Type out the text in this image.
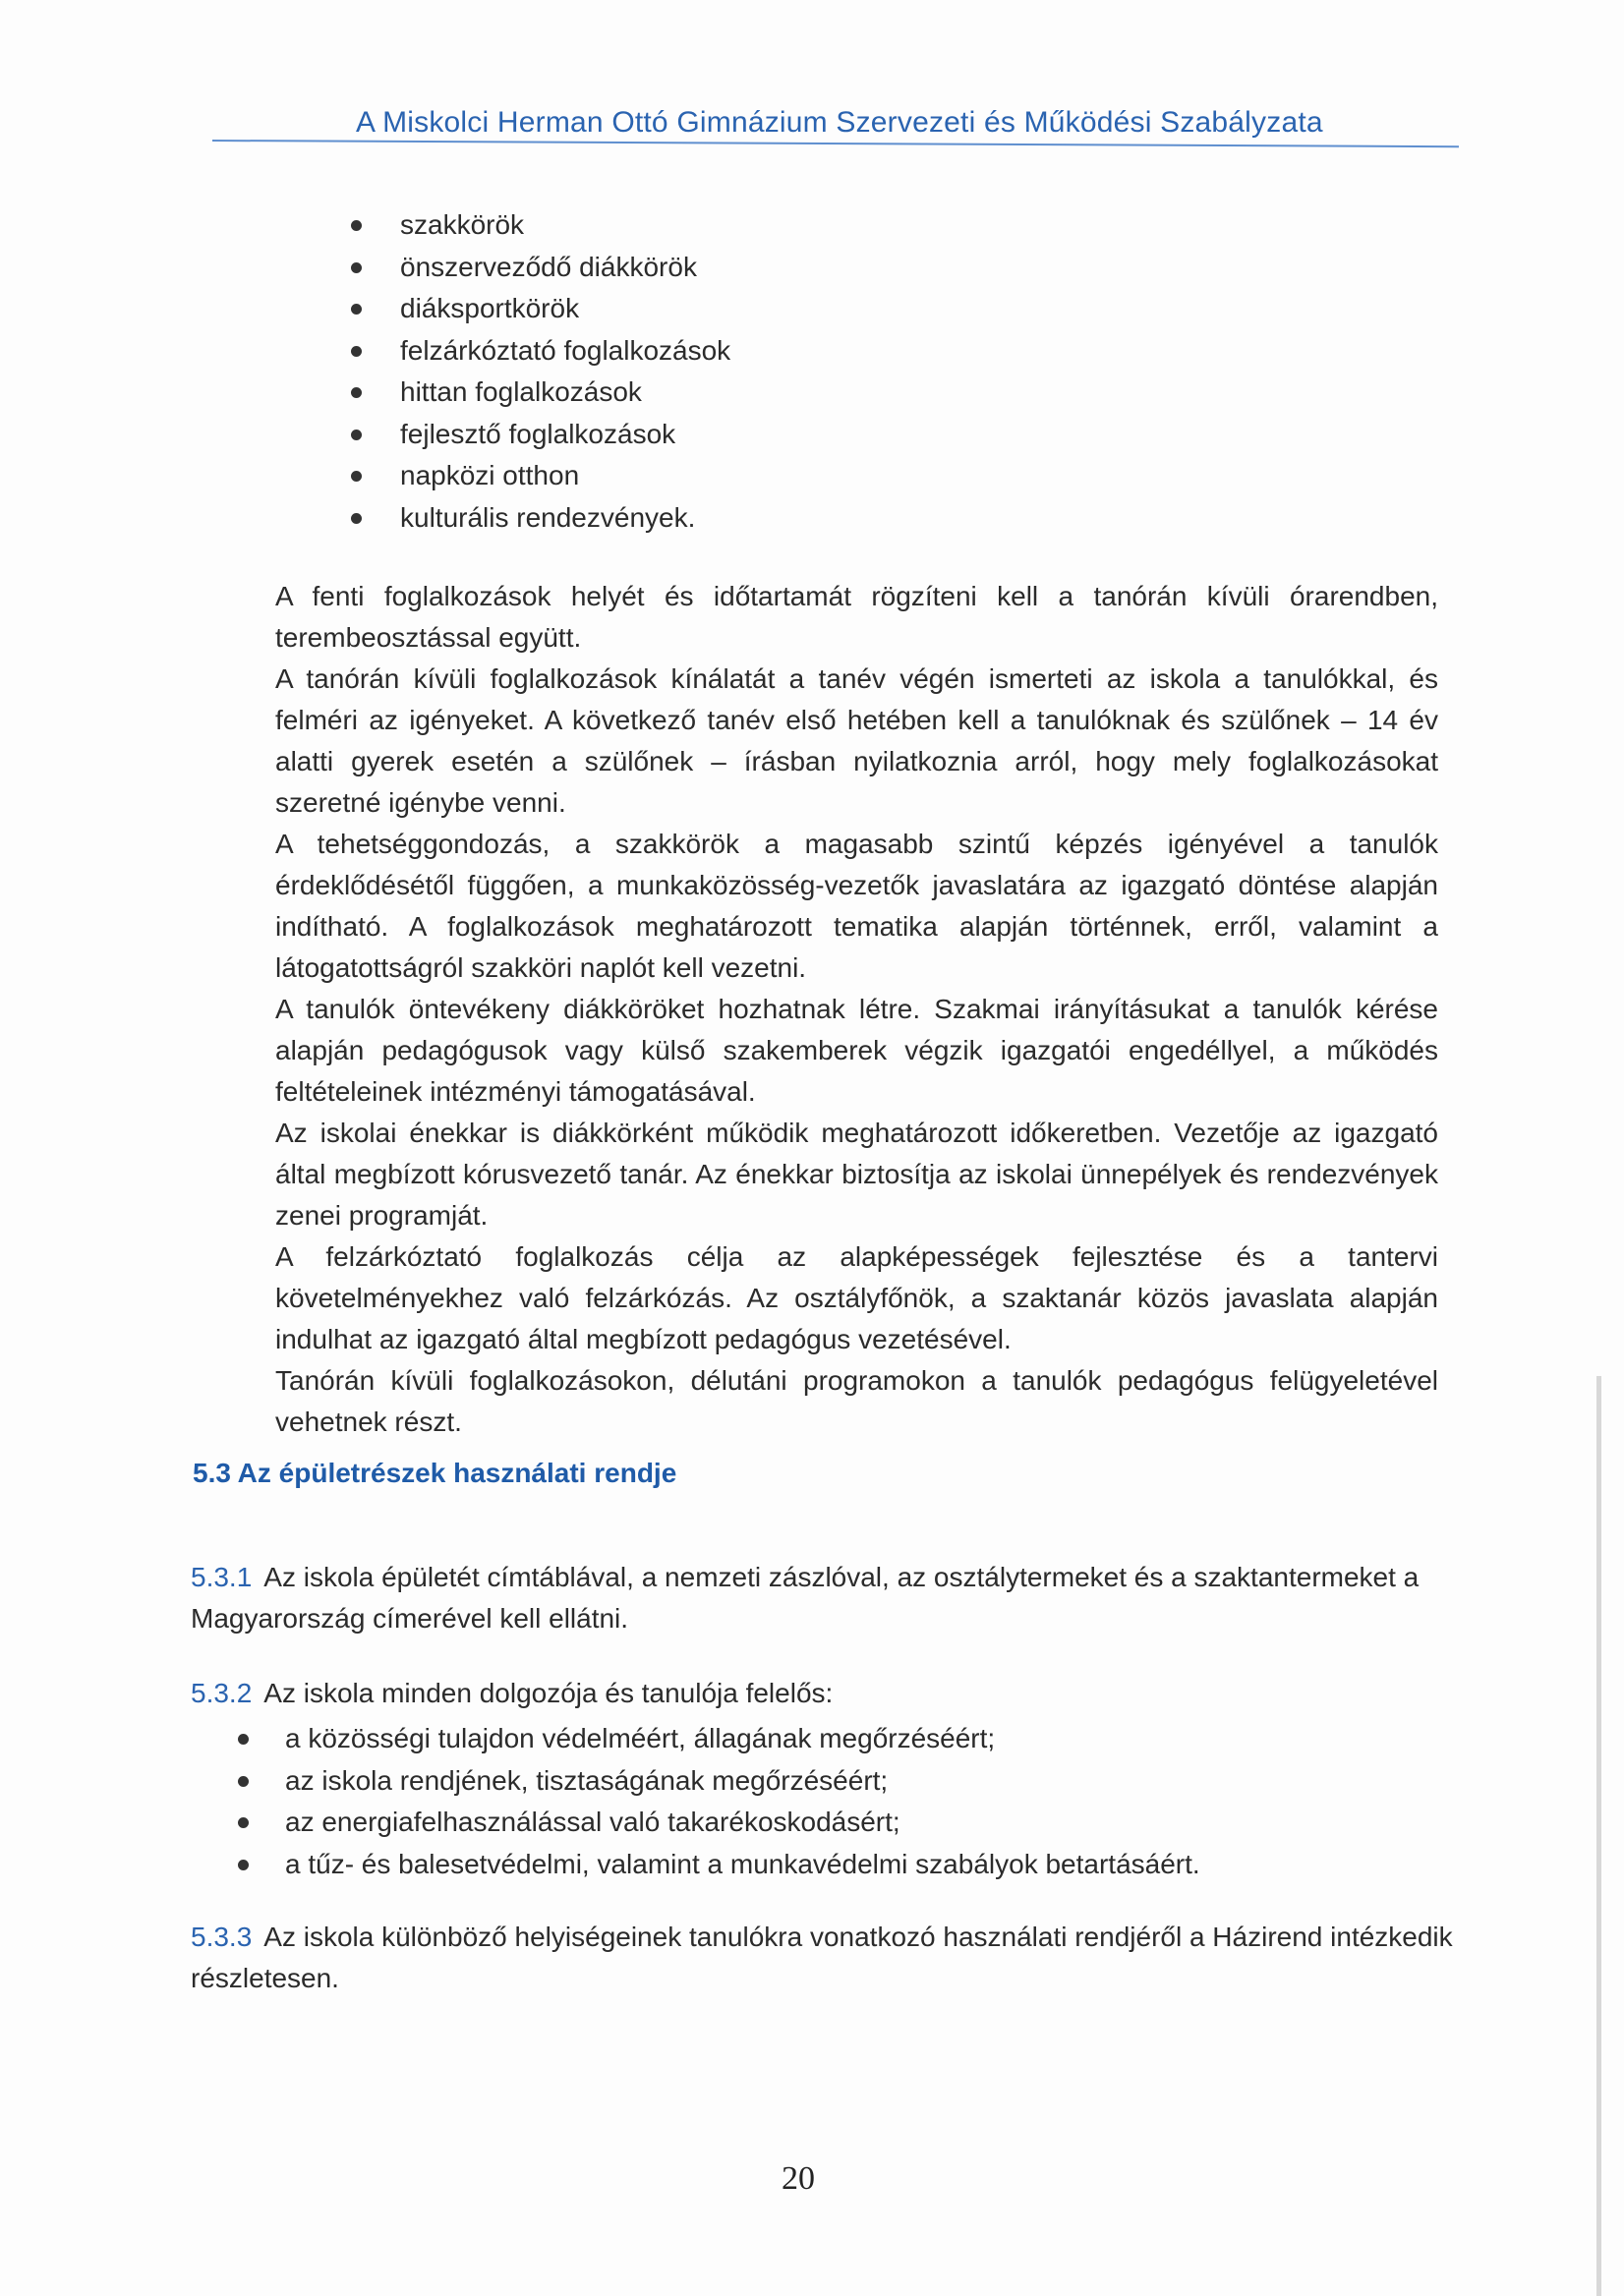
A Miskolci Herman Ottó Gimnázium Szervezeti és Működési Szabályzata
szakkörök
önszerveződő diákkörök
diáksportkörök
felzárkóztató foglalkozások
hittan foglalkozások
fejlesztő foglalkozások
napközi otthon
kulturális rendezvények.

A fenti foglalkozások helyét és időtartamát rögzíteni kell a tanórán kívüli órarendben, terembeosztással együtt.

A tanórán kívüli foglalkozások kínálatát a tanév végén ismerteti az iskola a tanulókkal, és felméri az igényeket. A következő tanév első hetében kell a tanulóknak és szülőnek – 14 év alatti gyerek esetén a szülőnek – írásban nyilatkoznia arról, hogy mely foglalkozásokat szeretné igénybe venni.

A tehetséggondozás, a szakkörök a magasabb szintű képzés igényével a tanulók érdeklődésétől függően, a munkaközösség-vezetők javaslatára az igazgató döntése alapján indítható. A foglalkozások meghatározott tematika alapján történnek, erről, valamint a látogatottságról szakköri naplót kell vezetni.

A tanulók öntevékeny diákköröket hozhatnak létre. Szakmai irányításukat a tanulók kérése alapján pedagógusok vagy külső szakemberek végzik igazgatói engedéllyel, a működés feltételeinek intézményi támogatásával.

Az iskolai énekkar is diákkörként működik meghatározott időkeretben. Vezetője az igazgató által megbízott kórusvezető tanár. Az énekkar biztosítja az iskolai ünnepélyek és rendezvények zenei programját.

A felzárkóztató foglalkozás célja az alapképességek fejlesztése és a tantervi követelményekhez való felzárkózás. Az osztályfőnök, a szaktanár közös javaslata alapján indulhat az igazgató által megbízott pedagógus vezetésével.

Tanórán kívüli foglalkozásokon, délutáni programokon a tanulók pedagógus felügyeletével vehetnek részt.

5.3 Az épületrészek használati rendje
5.3.1 Az iskola épületét címtáblával, a nemzeti zászlóval, az osztálytermeket és a szaktantermeket a Magyarország címerével kell ellátni.
5.3.2 Az iskola minden dolgozója és tanulója felelős:
a közösségi tulajdon védelméért, állagának megőrzéséért;
az iskola rendjének, tisztaságának megőrzéséért;
az energiafelhasználással való takarékoskodásért;
a tűz- és balesetvédelmi, valamint a munkavédelmi szabályok betartásáért.
5.3.3 Az iskola különböző helyiségeinek tanulókra vonatkozó használati rendjéről a Házirend intézkedik részletesen.
20
